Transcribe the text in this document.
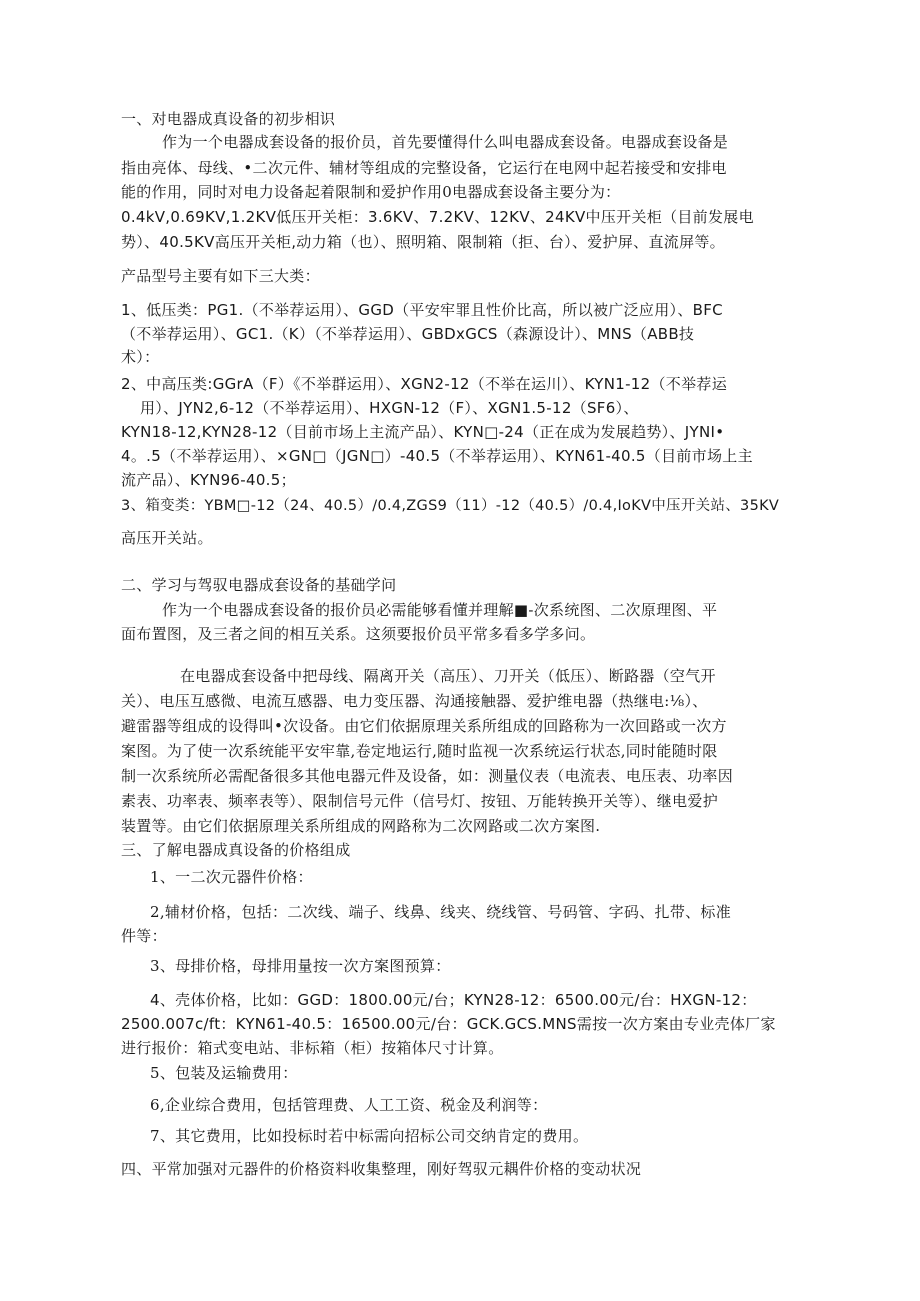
一、对电器成真设备的初步相识
作为一个电器成套设备的报价员，首先要懂得什么叫电器成套设备。电器成套设备是
指由亮体、母线、•二次元件、辅材等组成的完整设备，它运行在电网中起若接受和安排电
能的作用，同时对电力设备起着限制和爱护作用0电器成套设备主要分为：
0.4kV,0.69KV,1.2KV低压开关柜：3.6KV、7.2KV、12KV、24KV中压开关柜（目前发展电
势）、40.5KV高压开关柜,动力箱（也）、照明箱、限制箱（拒、台）、爱护屏、直流屏等。
产品型号主要有如下三大类：
1、低压类：PG1.（不举荐运用）、GGD（平安牢罪且性价比高，所以被广泛应用）、BFC
（不举荐运用）、GC1.（K）（不举荐运用）、GBDxGCS（森源设计）、MNS（ABB技
术）：
2、中高压类:GGrA（F）《不举群运用）、XGN2-12（不举在运川）、KYN1-12（不举荐运
用）、JYN2,6-12（不举荐运用）、HXGN-12（F）、XGN1.5-12（SF6）、
KYN18-12,KYN28-12（目前市场上主流产品）、KYN□-24（正在成为发展趋势）、JYNI•
4。.5（不举荐运用）、×GN□（JGN□）-40.5（不举荐运用）、KYN61-40.5（目前市场上主
流产品）、KYN96-40.5；
3、箱变类：YBM□-12（24、40.5）/0.4,ZGS9（11）-12（40.5）/0.4,IoKV中压开关站、35KV
高压开关站。
二、学习与驾驭电器成套设备的基础学问
作为一个电器成套设备的报价员必需能够看懂并理解■-次系统图、二次原理图、平
面布置图，及三者之间的相互关系。这须要报价员平常多看多学多问。
在电器成套设备中把母线、隔离开关（高压）、刀开关（低压）、断路器（空气开
关）、电压互感微、电流互感器、电力变压器、沟通接触器、爱护维电器（热继电:⅛）、
避雷器等组成的设得叫•次设备。由它们依据原理关系所组成的回路称为一次回路或一次方
案图。为了使一次系统能平安牢靠,卷定地运行,随时监视一次系统运行状态,同时能随时限
制一次系统所必需配备很多其他电器元件及设备，如：测量仪表（电流表、电压表、功率因
素表、功率表、频率表等）、限制信号元件（信号灯、按钮、万能转换开关等）、继电爱护
装置等。由它们依据原理关系所组成的网路称为二次网路或二次方案图.
三、了解电器成真设备的价格组成
1、一二次元器件价格：
2,辅材价格，包括：二次线、端子、线鼻、线夹、绕线管、号码管、字码、扎带、标准
件等：
3、母排价格，母排用量按一次方案图预算：
4、壳体价格，比如：GGD：1800.00元/台；KYN28-12：6500.00元/台：HXGN-12：
2500.007c/ft：KYN61-40.5：16500.00元/台：GCK.GCS.MNS需按一次方案由专业壳体厂家
进行报价：箱式变电站、非标箱（柜）按箱体尺寸计算。
5、包装及运输费用：
6,企业综合费用，包括管理费、人工工资、税金及利润等：
7、其它费用，比如投标时若中标需向招标公司交纳肯定的费用。
四、平常加强对元器件的价格资料收集整理，刚好驾驭元耦件价格的变动状况
